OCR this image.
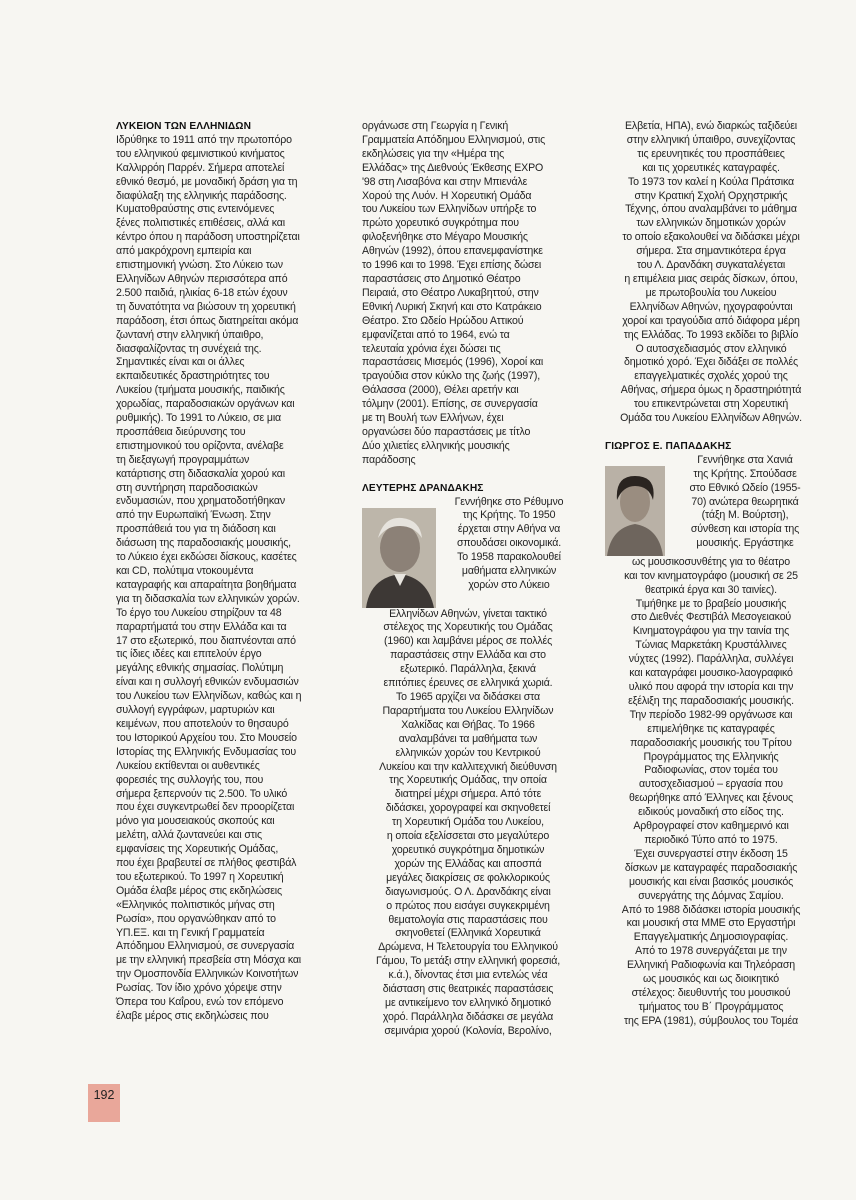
ΛΥΚΕΙΟΝ ΤΩΝ ΕΛΛΗΝΙΔΩΝ
Ιδρύθηκε το 1911 από την πρωτοπόρο
του ελληνικού φεμινιστικού κινήματος
Καλλιρρόη Παρρέν. Σήμερα αποτελεί
εθνικό θεσμό, με μοναδική δράση για τη
διαφύλαξη της ελληνικής παράδοσης.
Κυματοθραύστης στις εντεινόμενες
ξένες πολιτιστικές επιθέσεις, αλλά και
κέντρο όπου η παράδοση υποστηρίζεται
από μακρόχρονη εμπειρία και
επιστημονική γνώση. Στο Λύκειο των
Ελληνίδων Αθηνών περισσότερα από
2.500 παιδιά, ηλικίας 6-18 ετών έχουν
τη δυνατότητα να βιώσουν τη χορευτική
παράδοση, έτσι όπως διατηρείται ακόμα
ζωντανή στην ελληνική ύπαιθρο,
διασφαλίζοντας τη συνέχειά της.
Σημαντικές είναι και οι άλλες
εκπαιδευτικές δραστηριότητες του
Λυκείου (τμήματα μουσικής, παιδικής
χορωδίας, παραδοσιακών οργάνων και
ρυθμικής). Το 1991 το Λύκειο, σε μια
προσπάθεια διεύρυνσης του
επιστημονικού του ορίζοντα, ανέλαβε
τη διεξαγωγή προγραμμάτων
κατάρτισης στη διδασκαλία χορού και
στη συντήρηση παραδοσιακών
ενδυμασιών, που χρηματοδοτήθηκαν
από την Ευρωπαϊκή Ένωση. Στην
προσπάθειά του για τη διάδοση και
διάσωση της παραδοσιακής μουσικής,
το Λύκειο έχει εκδώσει δίσκους, κασέτες
και CD, πολύτιμα ντοκουμέντα
καταγραφής και απαραίτητα βοηθήματα
για τη διδασκαλία των ελληνικών χορών.
Το έργο του Λυκείου στηρίζουν τα 48
παραρτήματά του στην Ελλάδα και τα
17 στο εξωτερικό, που διαπνέονται από
τις ίδιες ιδέες και επιτελούν έργο
μεγάλης εθνικής σημασίας. Πολύτιμη
είναι και η συλλογή εθνικών ενδυμασιών
του Λυκείου των Ελληνίδων, καθώς και η
συλλογή εγγράφων, μαρτυριών και
κειμένων, που αποτελούν το θησαυρό
του Ιστορικού Αρχείου του. Στο Μουσείο
Ιστορίας της Ελληνικής Ενδυμασίας του
Λυκείου εκτίθενται οι αυθεντικές
φορεσιές της συλλογής του, που
σήμερα ξεπερνούν τις 2.500. Το υλικό
που έχει συγκεντρωθεί δεν προορίζεται
μόνο για μουσειακούς σκοπούς και
μελέτη, αλλά ζωντανεύει και στις
εμφανίσεις της Χορευτικής Ομάδας,
που έχει βραβευτεί σε πλήθος φεστιβάλ
του εξωτερικού. Το 1997 η Χορευτική
Ομάδα έλαβε μέρος στις εκδηλώσεις
«Ελληνικός πολιτιστικός μήνας στη
Ρωσία», που οργανώθηκαν από το
ΥΠ.ΕΞ. και τη Γενική Γραμματεία
Απόδημου Ελληνισμού, σε συνεργασία
με την ελληνική πρεσβεία στη Μόσχα και
την Ομοσπονδία Ελληνικών Κοινοτήτων
Ρωσίας. Τον ίδιο χρόνο χόρεψε στην
Όπερα του Καΐρου, ενώ τον επόμενο
έλαβε μέρος στις εκδηλώσεις που
οργάνωσε στη Γεωργία η Γενική
Γραμματεία Απόδημου Ελληνισμού, στις
εκδηλώσεις για την «Ημέρα της
Ελλάδας» της Διεθνούς Έκθεσης EXPO
'98 στη Λισαβόνα και στην Μπιενάλε
Χορού της Λυόν. Η Χορευτική Ομάδα
του Λυκείου των Ελληνίδων υπήρξε το
πρώτο χορευτικό συγκρότημα που
φιλοξενήθηκε στο Μέγαρο Μουσικής
Αθηνών (1992), όπου επανεμφανίστηκε
το 1996 και το 1998. Έχει επίσης δώσει
παραστάσεις στο Δημοτικό Θέατρο
Πειραιά, στο Θέατρο Λυκαβηττού, στην
Εθνική Λυρική Σκηνή και στο Κατράκειο
Θέατρο. Στο Ωδείο Ηρώδου Αττικού
εμφανίζεται από το 1964, ενώ τα
τελευταία χρόνια έχει δώσει τις
παραστάσεις Μισεμός (1996), Χοροί και
τραγούδια στον κύκλο της ζωής (1997),
Θάλασσα (2000), Θέλει αρετήν και
τόλμην (2001). Επίσης, σε συνεργασία
με τη Βουλή των Ελλήνων, έχει
οργανώσει δύο παραστάσεις με τίτλο
Δύο χιλιετίες ελληνικής μουσικής
παράδοσης
ΛΕΥΤΕΡΗΣ ΔΡΑΝΔΑΚΗΣ
Γεννήθηκε στο Ρέθυμνο
της Κρήτης. Το 1950
έρχεται στην Αθήνα να
σπουδάσει οικονομικά.
Το 1958 παρακολουθεί
μαθήματα ελληνικών
χορών στο Λύκειο
Ελληνίδων Αθηνών, γίνεται τακτικό
στέλεχος της Χορευτικής του Ομάδας
(1960) και λαμβάνει μέρος σε πολλές
παραστάσεις στην Ελλάδα και στο
εξωτερικό. Παράλληλα, ξεκινά
επιτόπιες έρευνες σε ελληνικά χωριά.
Το 1965 αρχίζει να διδάσκει στα
Παραρτήματα του Λυκείου Ελληνίδων
Χαλκίδας και Θήβας. Το 1966
αναλαμβάνει τα μαθήματα των
ελληνικών χορών του Κεντρικού
Λυκείου και την καλλιτεχνική διεύθυνση
της Χορευτικής Ομάδας, την οποία
διατηρεί μέχρι σήμερα. Από τότε
διδάσκει, χορογραφεί και σκηνοθετεί
τη Χορευτική Ομάδα του Λυκείου,
η οποία εξελίσσεται στο μεγαλύτερο
χορευτικό συγκρότημα δημοτικών
χορών της Ελλάδας και αποσπά
μεγάλες διακρίσεις σε φολκλορικούς
διαγωνισμούς. Ο Λ. Δρανδάκης είναι
ο πρώτος που εισάγει συγκεκριμένη
θεματολογία στις παραστάσεις που
σκηνοθετεί (Ελληνικά Χορευτικά
Δρώμενα, Η Τελετουργία του Ελληνικού
Γάμου, Το μετάξι στην ελληνική φορεσιά,
κ.ά.), δίνοντας έτσι μια εντελώς νέα
διάσταση στις θεατρικές παραστάσεις
με αντικείμενο τον ελληνικό δημοτικό
χορό. Παράλληλα διδάσκει σε μεγάλα
σεμινάρια χορού (Κολονία, Βερολίνο,
Ελβετία, ΗΠΑ), ενώ διαρκώς ταξιδεύει
στην ελληνική ύπαιθρο, συνεχίζοντας
τις ερευνητικές του προσπάθειες
και τις χορευτικές καταγραφές.
Το 1973 τον καλεί η Κούλα Πράτσικα
στην Κρατική Σχολή Ορχηστρικής
Τέχνης, όπου αναλαμβάνει το μάθημα
των ελληνικών δημοτικών χορών
το οποίο εξακολουθεί να διδάσκει μέχρι
σήμερα. Στα σημαντικότερα έργα
του Λ. Δρανδάκη συγκαταλέγεται
η επιμέλεια μιας σειράς δίσκων, όπου,
με πρωτοβουλία του Λυκείου
Ελληνίδων Αθηνών, ηχογραφούνται
χοροί και τραγούδια από διάφορα μέρη
της Ελλάδας. Το 1993 εκδίδει το βιβλίο
Ο αυτοσχεδιασμός στον ελληνικό
δημοτικό χορό. Έχει διδάξει σε πολλές
επαγγελματικές σχολές χορού της
Αθήνας, σήμερα όμως η δραστηριότητά
του επικεντρώνεται στη Χορευτική
Ομάδα του Λυκείου Ελληνίδων Αθηνών.
ΓΙΩΡΓΟΣ Ε. ΠΑΠΑΔΑΚΗΣ
Γεννήθηκε στα Χανιά
της Κρήτης. Σπούδασε
στο Εθνικό Ωδείο (1955-
70) ανώτερα θεωρητικά
(τάξη Μ. Βούρτση),
σύνθεση και ιστορία της
μουσικής. Εργάστηκε
ως μουσικοσυνθέτης για το θέατρο
και τον κινηματογράφο (μουσική σε 25
θεατρικά έργα και 30 ταινίες).
Τιμήθηκε με το βραβείο μουσικής
στο Διεθνές Φεστιβάλ Μεσογειακού
Κινηματογράφου για την ταινία της
Τώνιας Μαρκετάκη Κρυστάλλινες
νύχτες (1992). Παράλληλα, συλλέγει
και καταγράφει μουσικο-λαογραφικό
υλικό που αφορά την ιστορία και την
εξέλιξη της παραδοσιακής μουσικής.
Την περίοδο 1982-99 οργάνωσε και
επιμελήθηκε τις καταγραφές
παραδοσιακής μουσικής του Τρίτου
Προγράμματος της Ελληνικής
Ραδιοφωνίας, στον τομέα του
αυτοσχεδιασμού – εργασία που
θεωρήθηκε από Έλληνες και ξένους
ειδικούς μοναδική στο είδος της.
Αρθρογραφεί στον καθημερινό και
περιοδικό Τύπο από το 1975.
Έχει συνεργαστεί στην έκδοση 15
δίσκων με καταγραφές παραδοσιακής
μουσικής και είναι βασικός μουσικός
συνεργάτης της Δόμνας Σαμίου.
Από το 1988 διδάσκει ιστορία μουσικής
και μουσική στα ΜΜΕ στο Εργαστήρι
Επαγγελματικής Δημοσιογραφίας.
Από το 1978 συνεργάζεται με την
Ελληνική Ραδιοφωνία και Τηλεόραση
ως μουσικός και ως διοικητικό
στέλεχος: διευθυντής του μουσικού
τμήματος του Β΄ Προγράμματος
της ΕΡΑ (1981), σύμβουλος του Τομέα
192
